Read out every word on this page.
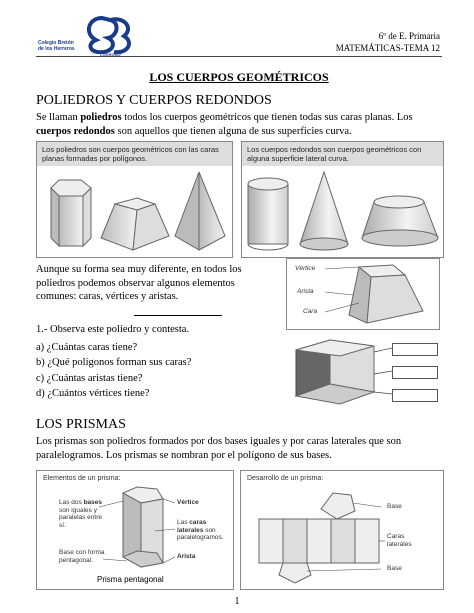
Colegio Bretón
de los Herreros
LOGROÑO
6º de E. Primaria
MATEMÁTICAS-TEMA 12
LOS CUERPOS GEOMÉTRICOS
POLIEDROS Y CUERPOS REDONDOS
Se llaman poliedros todos los cuerpos geométricos que tienen todas sus caras planas. Los
cuerpos redondos son aquellos que tienen alguna de sus superficies curva.
Los poliedros son cuerpos geométricos con las caras planas formadas por polígonos.
Los cuerpos redondos son cuerpos geométricos con alguna superficie lateral curva.
Aunque su forma sea muy diferente, en todos los poliedros podemos observar algunos elementos comunes: caras, vértices y aristas.
Vértice
Arista
Cara
1.- Observa este poliedro y contesta.
a) ¿Cuántas caras tiene?
b) ¿Qué polígonos forman sus caras?
c) ¿Cuántas aristas tiene?
d) ¿Cuántos vértices tiene?
LOS PRISMAS
Los prismas son poliedros formados por dos bases iguales y por caras laterales que son paralelogramos. Los prismas se nombran por el polígono de sus bases.
Elementos de un prisma:
Las dos bases son iguales y paralelas entre sí.
Vértice
Las caras laterales son paralelogramos.
Base con forma pentagonal.	Arista
Prisma pentagonal
Desarrollo de un prisma:
Base
Caras laterales
Base
1
